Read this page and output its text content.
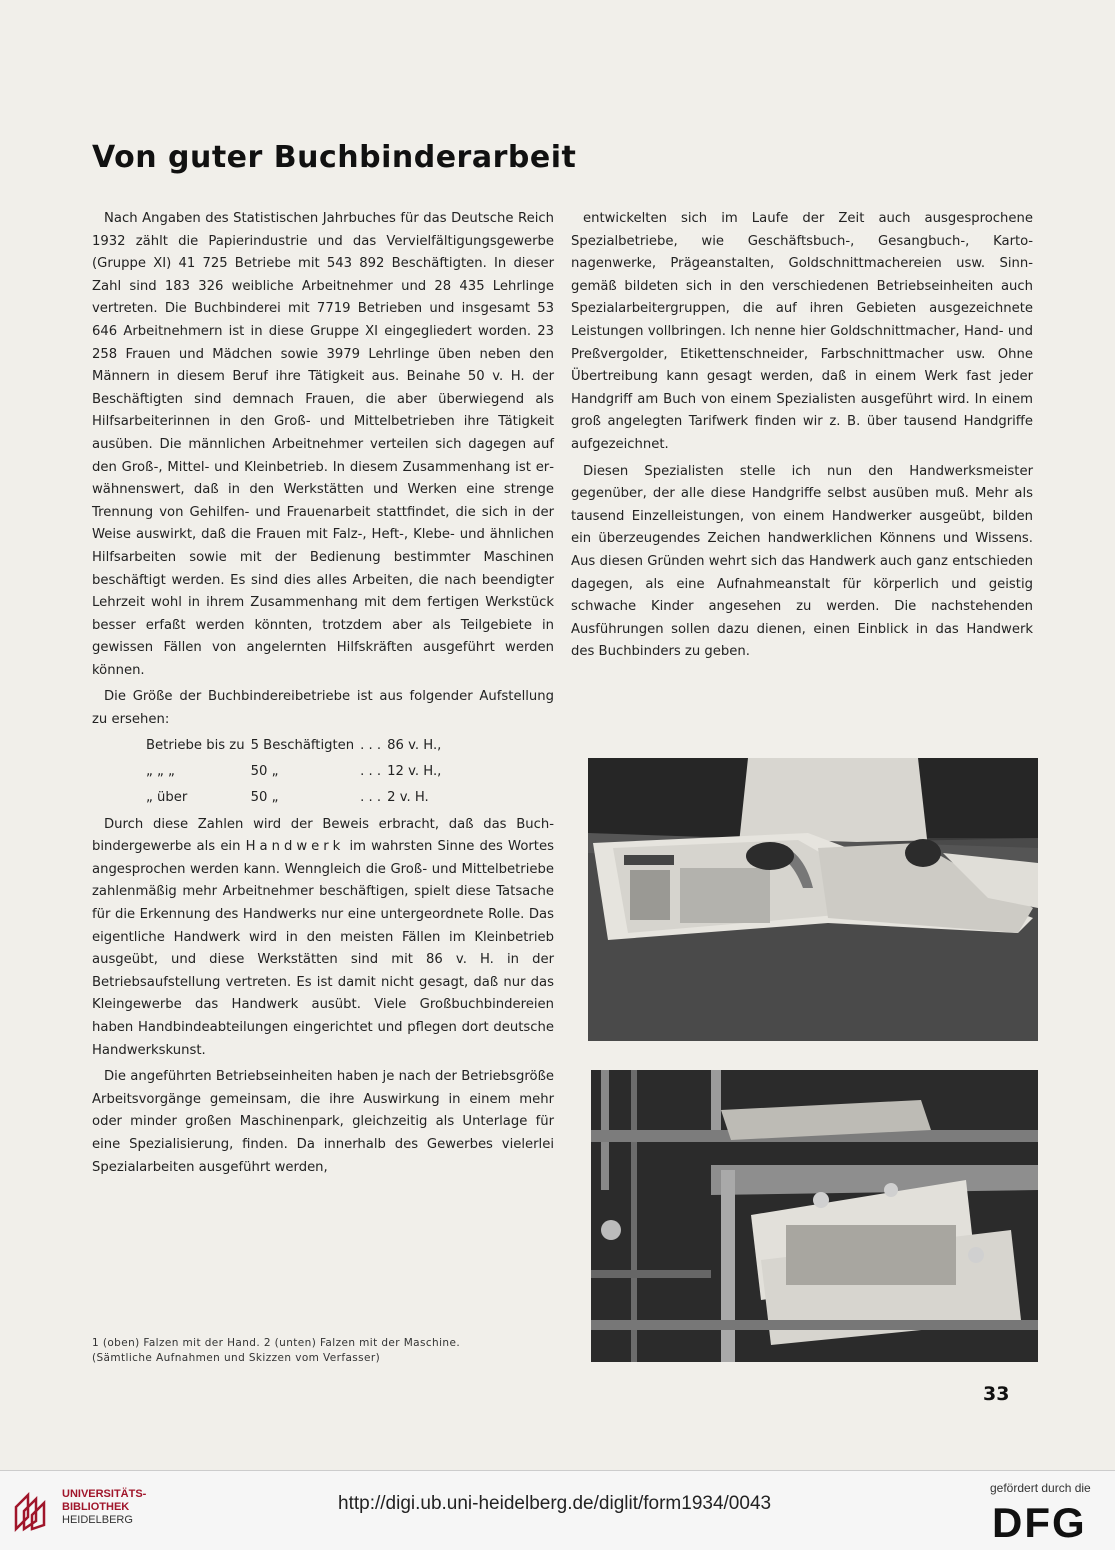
Von guter Buchbinderarbeit

Nach Angaben des Statistischen Jahrbuches für das Deutsche Reich 1932 zählt die Papierindustrie und das Vervielfältigungsgewerbe (Gruppe XI) 41 725 Betriebe mit 543 892 Beschäftigten. In dieser Zahl sind 183 326 weibliche Arbeitnehmer und 28 435 Lehrlinge vertreten. Die Buchbinderei mit 7719 Betrieben und insgesamt 53 646 Arbeitnehmern ist in diese Gruppe XI eingegliedert worden. 23 258 Frauen und Mädchen sowie 3979 Lehrlinge üben neben den Männern in diesem Beruf ihre Tätigkeit aus. Beinahe 50 v. H. der Beschäftigten sind demnach Frauen, die aber überwiegend als Hilfsarbeiterinnen in den Groß- und Mittelbetrieben ihre Tätigkeit ausüben. Die männlichen Arbeitnehmer verteilen sich dagegen auf den Groß-, Mittel- und Kleinbetrieb. In diesem Zusammenhang ist erwähnenswert, daß in den Werkstätten und Werken eine strenge Trennung von Gehilfen- und Frauenarbeit stattfindet, die sich in der Weise auswirkt, daß die Frauen mit Falz-, Heft-, Klebe- und ähnlichen Hilfsarbeiten sowie mit der Bedienung bestimmter Maschinen beschäftigt werden. Es sind dies alles Arbeiten, die nach beendigter Lehrzeit wohl in ihrem Zusammenhang mit dem fertigen Werkstück besser erfaßt werden könnten, trotzdem aber als Teilgebiete in gewissen Fällen von angelernten Hilfskräften ausgeführt werden können.

Die Größe der Buchbindereibetriebe ist aus folgender Aufstellung zu ersehen:

Betriebe bis zu	5 Beschäftigten	. . .	86 v. H.,
„ „ „	50 „	. . .	12 v. H.,
„ über	50 „	. . .	2 v. H.

Durch diese Zahlen wird der Beweis erbracht, daß das Buchbindergewerbe als ein Handwerk im wahrsten Sinne des Wortes angesprochen werden kann. Wenngleich die Groß- und Mittelbetriebe zahlenmäßig mehr Arbeitnehmer beschäftigen, spielt diese Tatsache für die Erkennung des Handwerks nur eine untergeordnete Rolle. Das eigentliche Handwerk wird in den meisten Fällen im Kleinbetrieb ausgeübt, und diese Werkstätten sind mit 86 v. H. in der Betriebsaufstellung vertreten. Es ist damit nicht gesagt, daß nur das Kleingewerbe das Handwerk ausübt. Viele Großbuchbindereien haben Handbindeabteilungen eingerichtet und pflegen dort deutsche Handwerkskunst.

Die angeführten Betriebseinheiten haben je nach der Betriebsgröße Arbeitsvorgänge gemeinsam, die ihre Auswirkung in einem mehr oder minder großen Maschinenpark, gleichzeitig als Unterlage für eine Spezialisierung, finden. Da innerhalb des Gewerbes vielerlei Spezialarbeiten ausgeführt werden,

entwickelten sich im Laufe der Zeit auch ausgesprochene Spezialbetriebe, wie Geschäftsbuch-, Gesangbuch-, Kartonagenwerke, Prägeanstalten, Goldschnittmachereien usw. Sinngemäß bildeten sich in den verschiedenen Betriebseinheiten auch Spezialarbeitergruppen, die auf ihren Gebieten ausgezeichnete Leistungen vollbringen. Ich nenne hier Goldschnittmacher, Hand- und Preßvergolder, Etikettenschneider, Farbschnittmacher usw. Ohne Übertreibung kann gesagt werden, daß in einem Werk fast jeder Handgriff am Buch von einem Spezialisten ausgeführt wird. In einem groß angelegten Tarifwerk finden wir z. B. über tausend Handgriffe aufgezeichnet.

Diesen Spezialisten stelle ich nun den Handwerksmeister gegenüber, der alle diese Handgriffe selbst ausüben muß. Mehr als tausend Einzelleistungen, von einem Handwerker ausgeübt, bilden ein überzeugendes Zeichen handwerklichen Könnens und Wissens. Aus diesen Gründen wehrt sich das Handwerk auch ganz entschieden dagegen, als eine Aufnahmeanstalt für körperlich und geistig schwache Kinder angesehen zu werden. Die nachstehenden Ausführungen sollen dazu dienen, einen Einblick in das Handwerk des Buchbinders zu geben.

1 (oben) Falzen mit der Hand. 2 (unten) Falzen mit der Maschine.
(Sämtliche Aufnahmen und Skizzen vom Verfasser)
33
UNIVERSITÄTS-
BIBLIOTHEK
HEIDELBERG
http://digi.ub.uni-heidelberg.de/diglit/form1934/0043
gefördert durch die
DFG
